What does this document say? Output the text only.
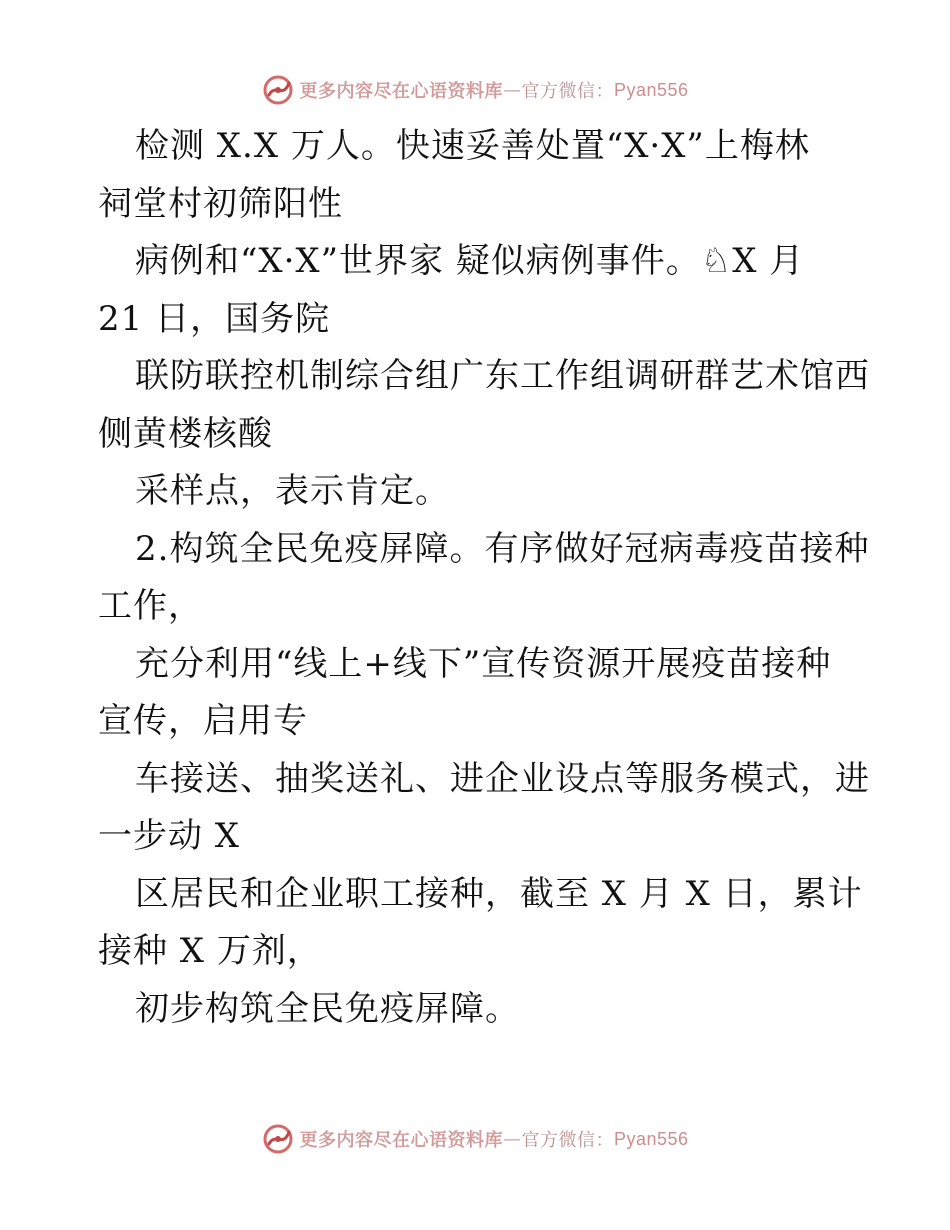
更多内容尽在心语资料库 — 官方微信： Pyan556
检测 X.X 万人。快速妥善处置“X·X”上梅林
祠堂村初筛阳性
病例和“X·X”世界家 疑似病例事件。♘X 月
21 日，国务院
联防联控机制综合组广东工作组调研群艺术馆西
侧黄楼核酸
采样点，表示肯定。
2.构筑全民免疫屏障。有序做好冠病毒疫苗接种
工作，
充分利用“线上+线下”宣传资源开展疫苗接种
宣传，启用专
车接送、抽奖送礼、进企业设点等服务模式，进
一步动 X
区居民和企业职工接种，截至 X 月 X 日，累计
接种 X 万剂，
初步构筑全民免疫屏障。
更多内容尽在心语资料库 — 官方微信： Pyan556
